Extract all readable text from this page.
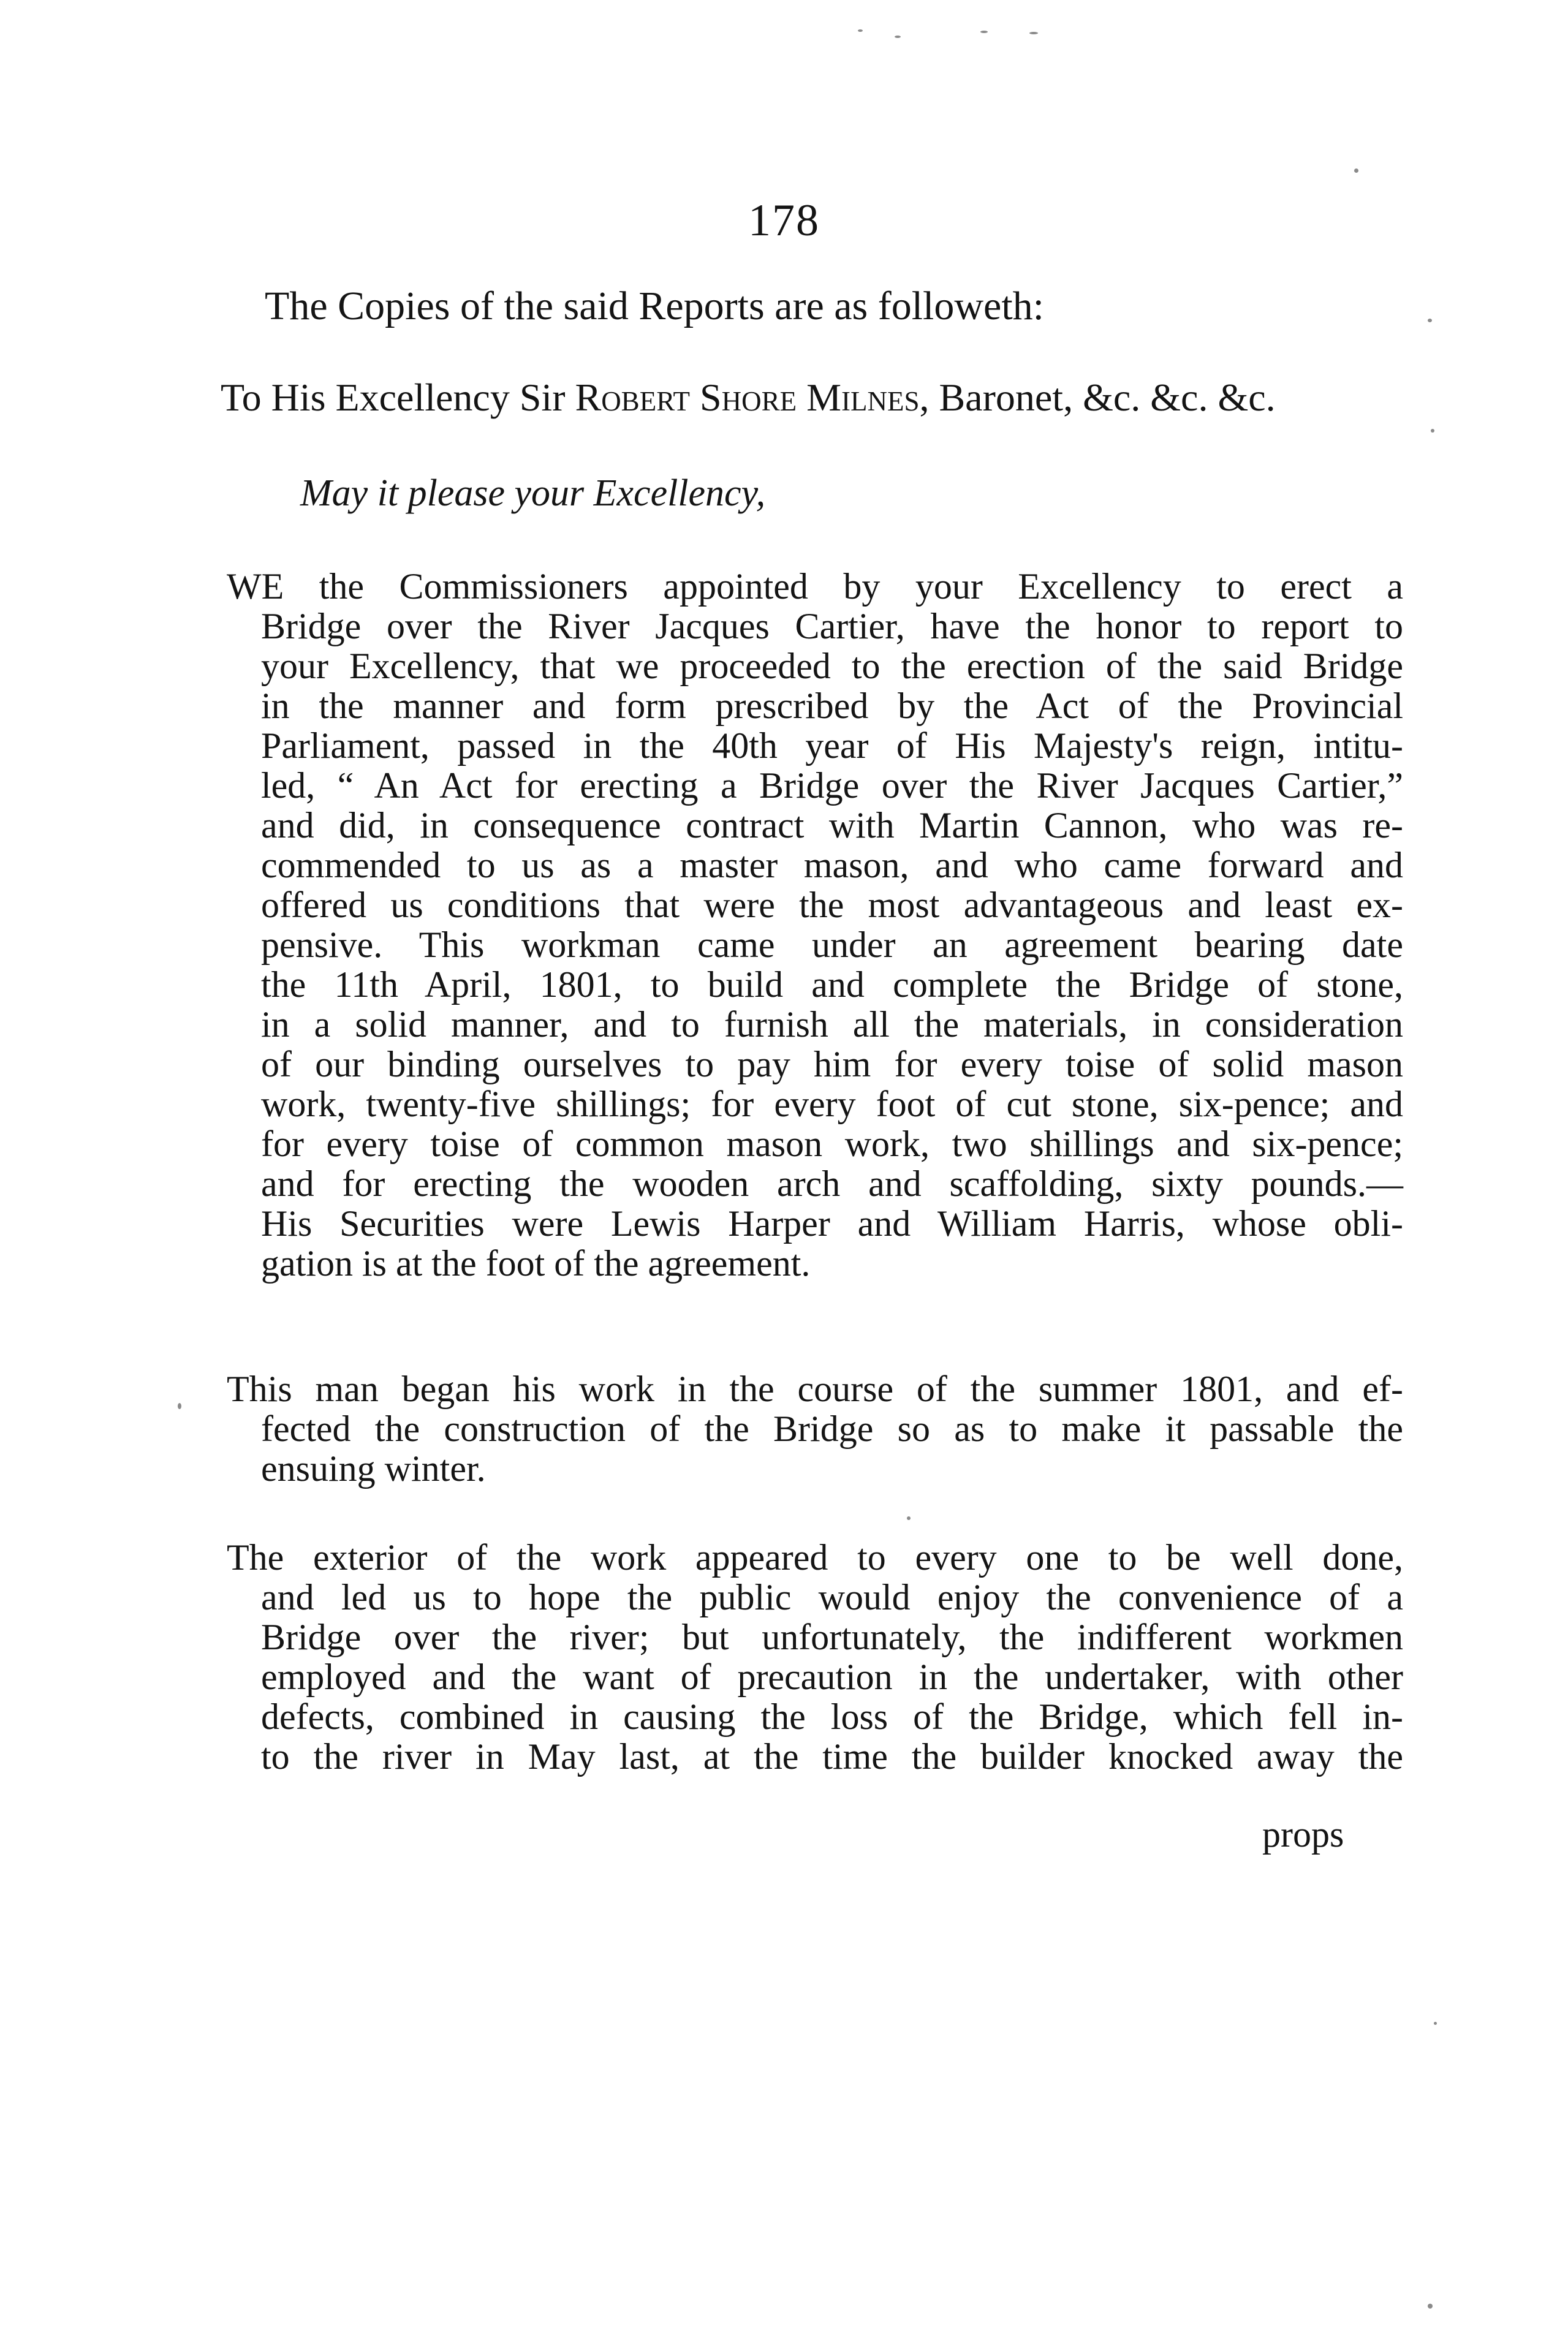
178
The Copies of the said Reports are as followeth:
To His Excellency Sir Robert Shore Milnes, Baronet, &c. &c. &c.
May it please your Excellency,
WE the Commissioners appointed by your Excellency to erect a
Bridge over the River Jacques Cartier, have the honor to report to
your Excellency, that we proceeded to the erection of the said Bridge
in the manner and form prescribed by the Act of the Provincial
Parliament, passed in the 40th year of His Majesty's reign, intitu-
led, “ An Act for erecting a Bridge over the River Jacques Cartier,”
and did, in consequence contract with Martin Cannon, who was re-
commended to us as a master mason, and who came forward and
offered us conditions that were the most advantageous and least ex-
pensive. This workman came under an agreement bearing date
the 11th April, 1801, to build and complete the Bridge of stone,
in a solid manner, and to furnish all the materials, in consideration
of our binding ourselves to pay him for every toise of solid mason
work, twenty-five shillings; for every foot of cut stone, six-pence; and
for every toise of common mason work, two shillings and six-pence;
and for erecting the wooden arch and scaffolding, sixty pounds.—
His Securities were Lewis Harper and William Harris, whose obli-
gation is at the foot of the agreement.
This man began his work in the course of the summer 1801, and ef-
fected the construction of the Bridge so as to make it passable the
ensuing winter.
The exterior of the work appeared to every one to be well done,
and led us to hope the public would enjoy the convenience of a
Bridge over the river; but unfortunately, the indifferent workmen
employed and the want of precaution in the undertaker, with other
defects, combined in causing the loss of the Bridge, which fell in-
to the river in May last, at the time the builder knocked away the
props
